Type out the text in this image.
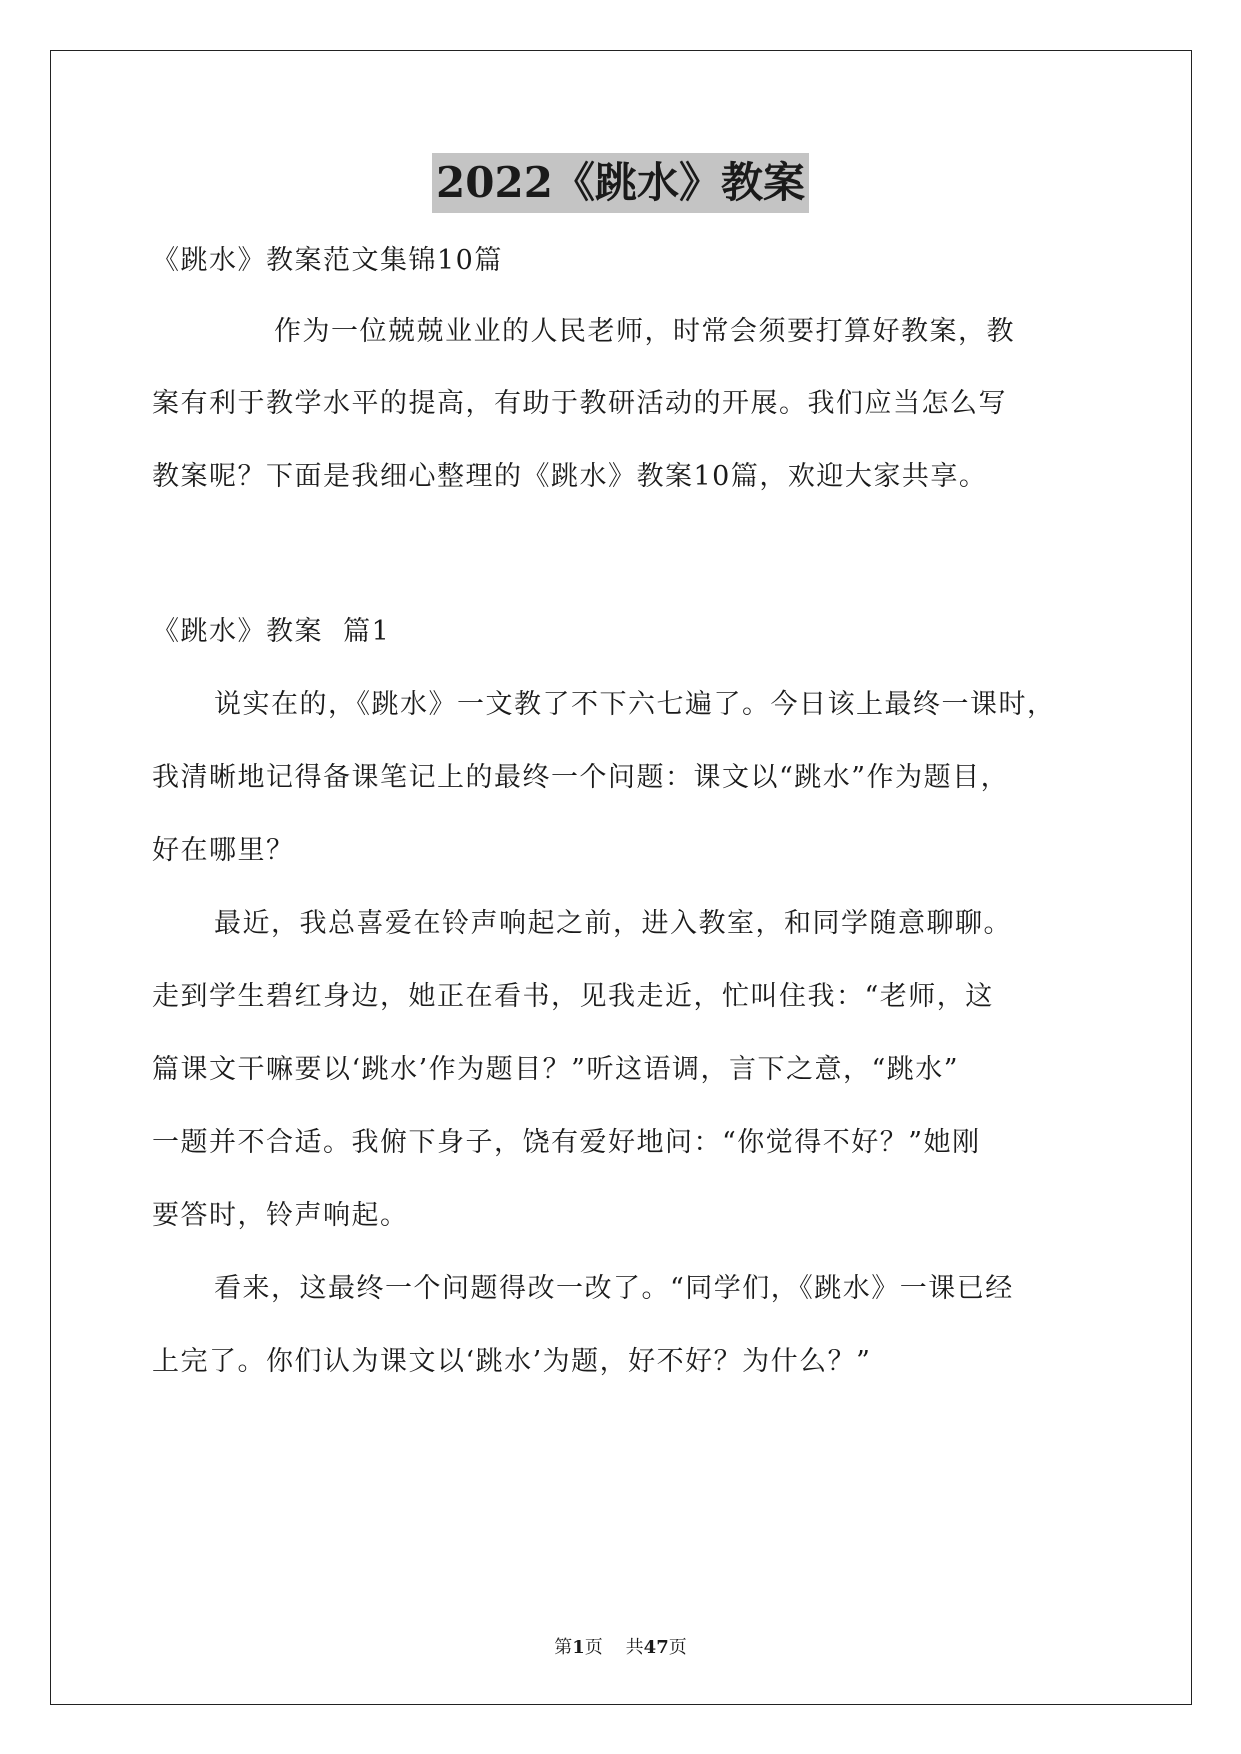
2022《跳水》教案
《跳水》教案范文集锦10篇
作为一位兢兢业业的人民老师，时常会须要打算好教案，教
案有利于教学水平的提高，有助于教研活动的开展。我们应当怎么写
教案呢？下面是我细心整理的《跳水》教案10篇，欢迎大家共享。
《跳水》教案  篇1
说实在的，《跳水》一文教了不下六七遍了。今日该上最终一课时，
我清晰地记得备课笔记上的最终一个问题：课文以“跳水”作为题目，
好在哪里？
最近，我总喜爱在铃声响起之前，进入教室，和同学随意聊聊。
走到学生碧红身边，她正在看书，见我走近，忙叫住我：“老师，这
篇课文干嘛要以‘跳水’作为题目？”听这语调，言下之意，“跳水”
一题并不合适。我俯下身子，饶有爱好地问：“你觉得不好？”她刚
要答时，铃声响起。
看来，这最终一个问题得改一改了。“同学们，《跳水》一课已经
上完了。你们认为课文以‘跳水’为题，好不好？为什么？”
第1页    共47页
